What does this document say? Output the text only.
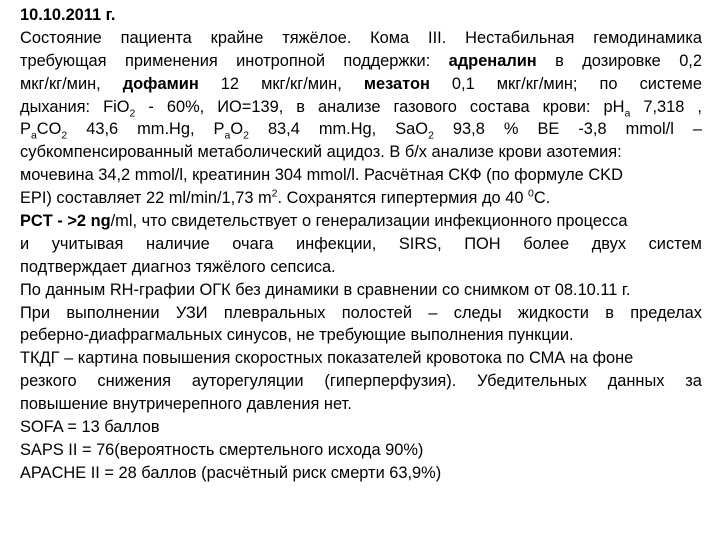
10.10.2011 г.
Состояние пациента крайне тяжёлое. Кома III. Нестабильная гемодинамика
требующая применения инотропной поддержки: адреналин в дозировке 0,2
мкг/кг/мин, дофамин 12 мкг/кг/мин, мезатон 0,1 мкг/кг/мин; по системе
дыхания: FiO$_2$ - 60%, ИО=139, в анализе газового состава крови: $pH_a$ 7,318 ,
$P_aCO_2$ 43,6 mm.Hg, $P_aO_2$ 83,4 mm.Hg, SaO$_2$ 93,8 % BE -3,8 mmol/l –
субкомпенсированный метаболический ацидоз. В б/х анализе крови азотемия:
мочевина 34,2 mmol/l, креатинин 304 mmol/l. Расчётная СКФ (по формуле CKD
EPI) составляет 22 ml/min/1,73 $m^2$. Сохранятся гипертермия до 40 $^0$С.
PCT - >2 ng/ml, что свидетельствует о генерализации инфекционного процесса
и учитывая наличие очага инфекции, SIRS, ПОН более двух систем
подтверждает диагноз тяжёлого сепсиса.
По данным RH-графии ОГК без динамики в сравнении со снимком от 08.10.11 г.
При выполнении УЗИ плевральных полостей – следы жидкости в пределах
реберно-диафрагмальных синусов, не требующие выполнения пункции.
ТКДГ – картина повышения скоростных показателей кровотока по СМА на фоне
резкого снижения ауторегуляции (гиперперфузия). Убедительных данных за
повышение внутричерепного давления нет.
SOFA = 13 баллов
SAPS II = 76(вероятность смертельного исхода 90%)
APACHE II = 28 баллов (расчётный риск смерти 63,9%)
